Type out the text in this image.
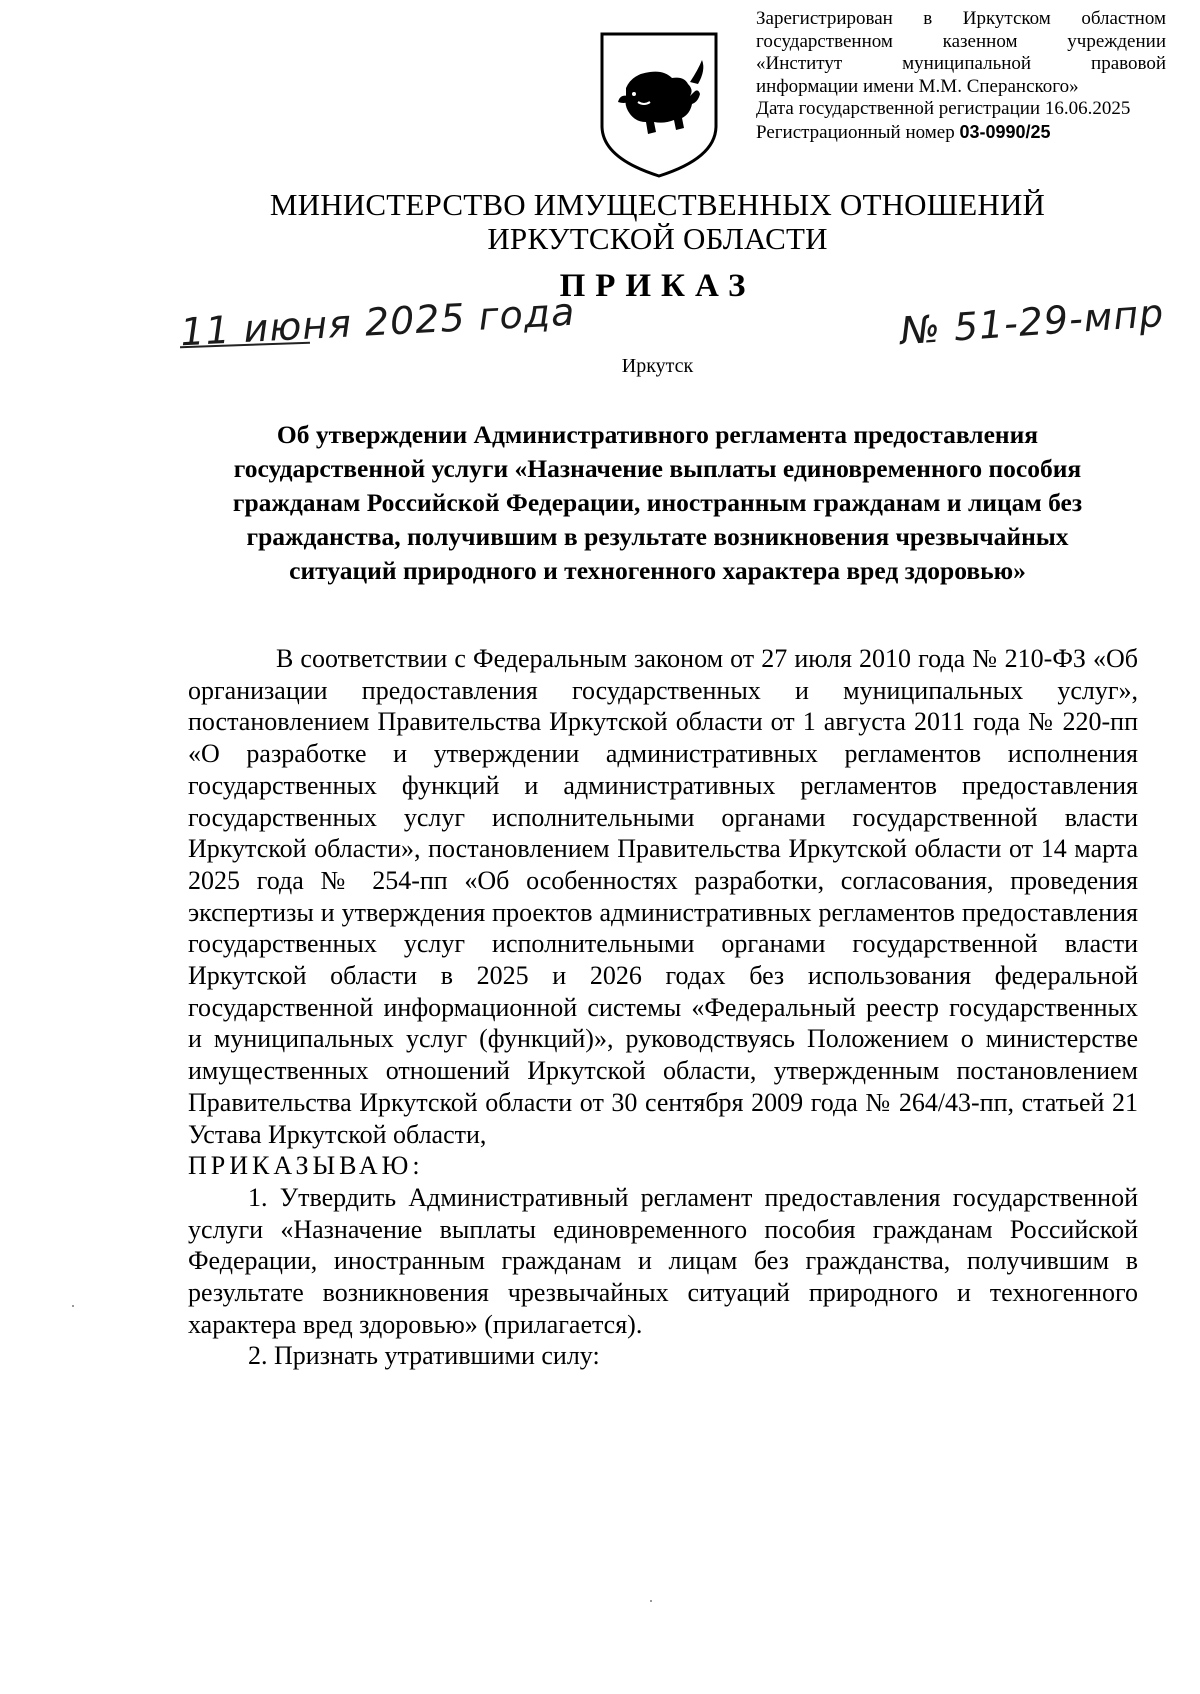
Зарегистрирован в Иркутском областном
государственном казенном учреждении
«Институт муниципальной правовой
информации имени М.М. Сперанского»
Дата государственной регистрации 16.06.2025
Регистрационный номер 03-0990/25
МИНИСТЕРСТВО ИМУЩЕСТВЕННЫХ ОТНОШЕНИЙ
ИРКУТСКОЙ ОБЛАСТИ
ПРИКАЗ
11 июня 2025 года	№ 51-29-мпр
Иркутск
Об утверждении Административного регламента предоставления государственной услуги «Назначение выплаты единовременного пособия гражданам Российской Федерации, иностранным гражданам и лицам без гражданства, получившим в результате возникновения чрезвычайных ситуаций природного и техногенного характера вред здоровью»

В соответствии с Федеральным законом от 27 июля 2010 года № 210-ФЗ «Об организации предоставления государственных и муниципальных услуг», постановлением Правительства Иркутской области от 1 августа 2011 года № 220-пп «О разработке и утверждении административных регламентов исполнения государственных функций и административных регламентов предоставления государственных услуг исполнительными органами государственной власти Иркутской области», постановлением Правительства Иркутской области от 14 марта 2025 года № 254-пп «Об особенностях разработки, согласования, проведения экспертизы и утверждения проектов административных регламентов предоставления государственных услуг исполнительными органами государственной власти Иркутской области в 2025 и 2026 годах без использования федеральной государственной информационной системы «Федеральный реестр государственных и муниципальных услуг (функций)», руководствуясь Положением о министерстве имущественных отношений Иркутской области, утвержденным постановлением Правительства Иркутской области от 30 сентября 2009 года № 264/43-пп, статьей 21 Устава Иркутской области,

ПРИКАЗЫВАЮ:

1. Утвердить Административный регламент предоставления государственной услуги «Назначение выплаты единовременного пособия гражданам Российской Федерации, иностранным гражданам и лицам без гражданства, получившим в результате возникновения чрезвычайных ситуаций природного и техногенного характера вред здоровью» (прилагается).

2. Признать утратившими силу:
